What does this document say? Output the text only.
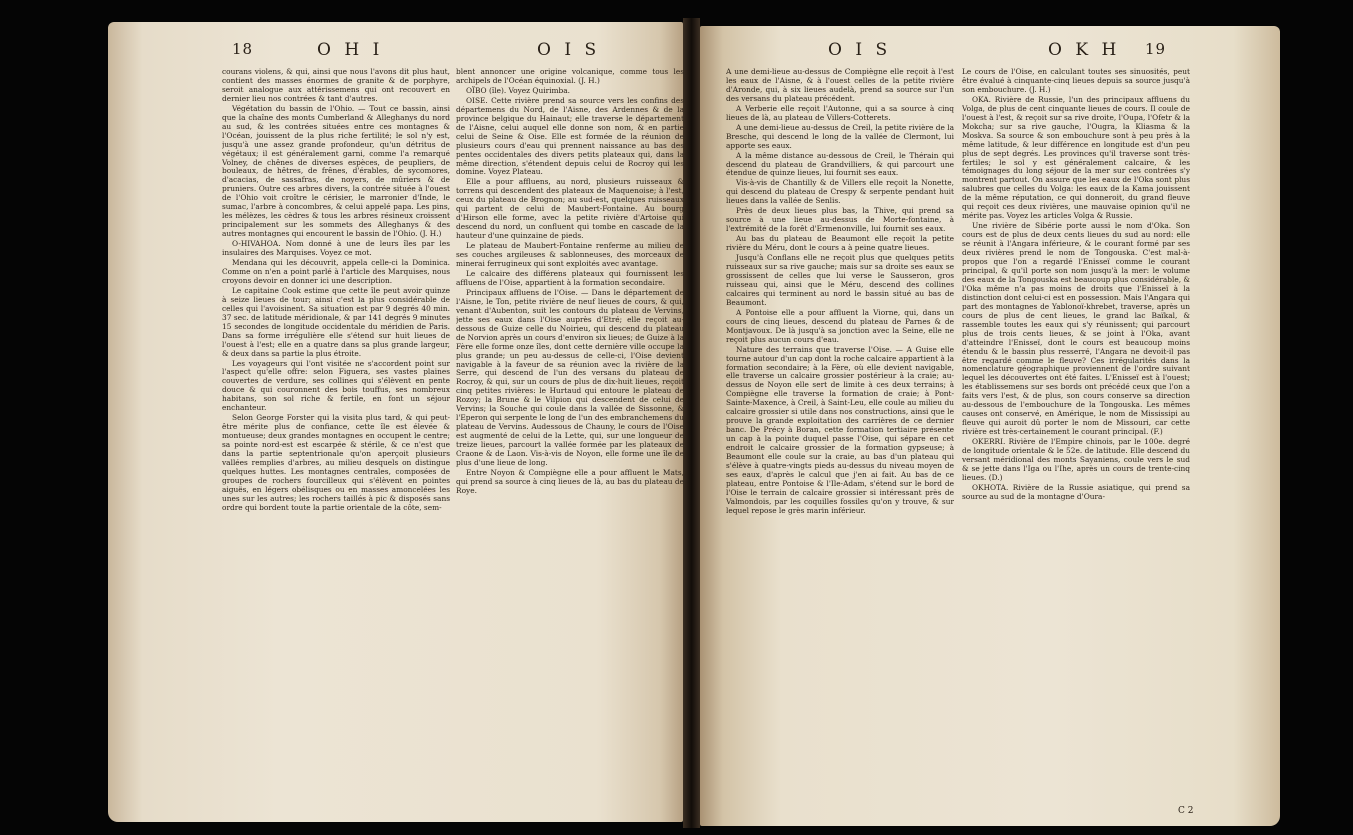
18	O H I	O I S	O I S	O K H 19

courans violens, & qui, ainsi que nous l'avons dit plus haut, contient des masses énormes de granite & de porphyre, seroit analogue aux attérissemens qui ont recouvert en dernier lieu nos contrées & tant d'autres.

Végétation du bassin de l'Ohio. — Tout ce bassin, ainsi que la chaîne des monts Cumberland & Alleghanys du nord au sud, & les contrées situées entre ces montagnes & l'Océan, jouissent de la plus riche fertilité; le sol n'y est, jusqu'à une assez grande profondeur, qu'un détritus de végétaux; il est généralement garni, comme l'a remarqué Volney, de chênes de diverses espèces, de peupliers, de bouleaux, de hêtres, de frênes, d'érables, de sycomores, d'acacias, de sassafras, de noyers, de mûriers & de pruniers. Outre ces arbres divers, la contrée située à l'ouest de l'Ohio voit croître le cérisier, le marronier d'Inde, le sumac, l'arbre à concombres, & celui appelé papa. Les pins, les mélèzes, les cèdres & tous les arbres résineux croissent principalement sur les sommets des Alleghanys & des autres montagnes qui encourent le bassin de l'Ohio. (J. H.)

O-HIVAHOA. Nom donné à une de leurs îles par les insulaires des Marquises. Voyez ce mot.

Mendana qui les découvrit, appela celle-ci la Dominica. Comme on n'en a point parlé à l'article des Marquises, nous croyons devoir en donner ici une description.

Le capitaine Cook estime que cette île peut avoir quinze à seize lieues de tour; ainsi c'est la plus considérable de celles qui l'avoisinent. Sa situation est par 9 degrés 40 min. 37 sec. de latitude méridionale, & par 141 degrés 9 minutes 15 secondes de longitude occidentale du méridien de Paris. Dans sa forme irrégulière elle s'étend sur huit lieues de l'ouest à l'est; elle en a quatre dans sa plus grande largeur, & deux dans sa partie la plus étroite.

Les voyageurs qui l'ont visitée ne s'accordent point sur l'aspect qu'elle offre: selon Figuera, ses vastes plaines couvertes de verdure, ses collines qui s'élèvent en pente douce & qui couronnent des bois touffus, ses nombreux habitans, son sol riche & fertile, en font un séjour enchanteur.

Selon George Forster qui la visita plus tard, & qui peut-être mérite plus de confiance, cette île est élevée & montueuse; deux grandes montagnes en occupent le centre; sa pointe nord-est est escarpée & stérile, & ce n'est que dans la partie septentrionale qu'on aperçoit plusieurs vallées remplies d'arbres, au milieu desquels on distingue quelques huttes. Les montagnes centrales, composées de groupes de rochers fourcilleux qui s'élèvent en pointes aiguës, en légers obélisques ou en masses amoncelées les unes sur les autres; les rochers taillés à pic & disposés sans ordre qui bordent toute la partie orientale de la côte, sem-

blent annoncer une origine volcanique, comme tous les archipels de l'Océan équinoxial. (J. H.)

OÏBO (île). Voyez Quirimba.

OISE. Cette rivière prend sa source vers les confins des départemens du Nord, de l'Aisne, des Ardennes & de la province belgique du Hainaut; elle traverse le département de l'Aisne, celui auquel elle donne son nom, & en partie celui de Seine & Oise. Elle est formée de la réunion de plusieurs cours d'eau qui prennent naissance au bas des pentes occidentales des divers petits plateaux qui, dans la même direction, s'étendent depuis celui de Rocroy qui les domine. Voyez Plateau.

Elle a pour affluens, au nord, plusieurs ruisseaux & torrens qui descendent des plateaux de Maquenoise; à l'est, ceux du plateau de Brognon; au sud-est, quelques ruisseaux qui partent de celui de Maubert-Fontaine. Au bourg d'Hirson elle forme, avec la petite rivière d'Artoise qui descend du nord, un confluent qui tombe en cascade de la hauteur d'une quinzaine de pieds.

Le plateau de Maubert-Fontaine renferme au milieu de ses couches argileuses & sablonneuses, des morceaux de minerai ferrugineux qui sont exploités avec avantage.

Le calcaire des différens plateaux qui fournissent les affluens de l'Oise, appartient à la formation secondaire.

Principaux affluens de l'Oise. — Dans le département de l'Aisne, le Ton, petite rivière de neuf lieues de cours, & qui, venant d'Aubenton, suit les contours du plateau de Vervins, jette ses eaux dans l'Oise auprès d'Etré; elle reçoit au-dessous de Guize celle du Noirieu, qui descend du plateau de Norvion après un cours d'environ six lieues; de Guize à la Fère elle forme onze îles, dont cette dernière ville occupe la plus grande; un peu au-dessus de celle-ci, l'Oise devient navigable à la faveur de sa réunion avec la rivière de la Serre, qui descend de l'un des versans du plateau de Rocroy, & qui, sur un cours de plus de dix-huit lieues, reçoit cinq petites rivières: le Hurtaud qui entoure le plateau de Rozoy; la Brune & le Vilpion qui descendent de celui de Vervins; la Souche qui coule dans la vallée de Sissonne, & l'Eperon qui serpente le long de l'un des embranchemens du plateau de Vervins. Audessous de Chauny, le cours de l'Oise est augmenté de celui de la Lette, qui, sur une longueur de treize lieues, parcourt la vallée formée par les plateaux de Craone & de Laon. Vis-à-vis de Noyon, elle forme une île de plus d'une lieue de long.

Entre Noyon & Compiègne elle a pour affluent le Mats, qui prend sa source à cinq lieues de là, au bas du plateau de Roye.

A une demi-lieue au-dessus de Compiègne elle reçoit à l'est les eaux de l'Aisne, & à l'ouest celles de la petite rivière d'Aronde, qui, à six lieues audelà, prend sa source sur l'un des versans du plateau précédent.

A Verberie elle reçoit l'Autonne, qui a sa source à cinq lieues de là, au plateau de Villers-Cotterets.

A une demi-lieue au-dessus de Creil, la petite rivière de la Bresche, qui descend le long de la vallée de Clermont, lui apporte ses eaux.

A la même distance au-dessous de Creil, le Thérain qui descend du plateau de Grandvilliers, & qui parcourt une étendue de quinze lieues, lui fournit ses eaux.

Vis-à-vis de Chantilly & de Villers elle reçoit la Nonette, qui descend du plateau de Crespy & serpente pendant huit lieues dans la vallée de Senlis.

Près de deux lieues plus bas, la Thive, qui prend sa source à une lieue au-dessus de Morte-fontaine, à l'extrémité de la forêt d'Ermenonville, lui fournit ses eaux.

Au bas du plateau de Beaumont elle reçoit la petite rivière du Méru, dont le cours a à peine quatre lieues.

Jusqu'à Conflans elle ne reçoit plus que quelques petits ruisseaux sur sa rive gauche; mais sur sa droite ses eaux se grossissent de celles que lui verse le Sausseron, gros ruisseau qui, ainsi que le Méru, descend des collines calcaires qui terminent au nord le bassin situé au bas de Beaumont.

A Pontoise elle a pour affluent la Viorne, qui, dans un cours de cinq lieues, descend du plateau de Parnes & de Montjavoux. De là jusqu'à sa jonction avec la Seine, elle ne reçoit plus aucun cours d'eau.

Nature des terrains que traverse l'Oise. — A Guise elle tourne autour d'un cap dont la roche calcaire appartient à la formation secondaire; à la Fère, où elle devient navigable, elle traverse un calcaire grossier postérieur à la craie; au-dessus de Noyon elle sert de limite à ces deux terrains; à Compiègne elle traverse la formation de craie; à Pont-Sainte-Maxence, à Creil, à Saint-Leu, elle coule au milieu du calcaire grossier si utile dans nos constructions, ainsi que le prouve la grande exploitation des carrières de ce dernier banc. De Précy à Boran, cette formation tertiaire présente un cap à la pointe duquel passe l'Oise, qui sépare en cet endroit le calcaire grossier de la formation gypseuse; à Beaumont elle coule sur la craie, au bas d'un plateau qui s'élève à quatre-vingts pieds au-dessus du niveau moyen de ses eaux, d'après le calcul que j'en ai fait. Au bas de ce plateau, entre Pontoise & l'Ile-Adam, s'étend sur le bord de l'Oise le terrain de calcaire grossier si intéressant près de Valmondois, par les coquilles fossiles qu'on y trouve, & sur lequel repose le grès marin inférieur.

Le cours de l'Oise, en calculant toutes ses sinuosités, peut être évalué à cinquante-cinq lieues depuis sa source jusqu'à son embouchure. (J. H.)

OKA. Rivière de Russie, l'un des principaux affluens du Volga, de plus de cent cinquante lieues de cours. Il coule de l'ouest à l'est, & reçoit sur sa rive droite, l'Oupa, l'Ofetr & la Mokcha; sur sa rive gauche, l'Ougra, la Kliasma & la Moskva. Sa source & son embouchure sont à peu près à la même latitude, & leur différence en longitude est d'un peu plus de sept degrés. Les provinces qu'il traverse sont très-fertiles; le sol y est généralement calcaire, & les témoignages du long séjour de la mer sur ces contrées s'y montrent partout. On assure que les eaux de l'Oka sont plus salubres que celles du Volga: les eaux de la Kama jouissent de la même réputation, ce qui donneroit, du grand fleuve qui reçoit ces deux rivières, une mauvaise opinion qu'il ne mérite pas. Voyez les articles Volga & Russie.

Une rivière de Sibérie porte aussi le nom d'Oka. Son cours est de plus de deux cents lieues du sud au nord: elle se réunit à l'Angara inférieure, & le courant formé par ses deux rivières prend le nom de Tongouska. C'est mal-à-propos que l'on a regardé l'Enisseï comme le courant principal, & qu'il porte son nom jusqu'à la mer: le volume des eaux de la Tongouska est beaucoup plus considérable, & l'Oka même n'a pas moins de droits que l'Enisseï à la distinction dont celui-ci est en possession. Mais l'Angara qui part des montagnes de Yablonoï-khrebet, traverse, après un cours de plus de cent lieues, le grand lac Baïkal, & rassemble toutes les eaux qui s'y réunissent; qui parcourt plus de trois cents lieues, & se joint à l'Oka, avant d'atteindre l'Enisseï, dont le cours est beaucoup moins étendu & le bassin plus resserré, l'Angara ne devoit-il pas être regardé comme le fleuve? Ces irrégularités dans la nomenclature géographique proviennent de l'ordre suivant lequel les découvertes ont été faites. L'Enisseï est à l'ouest; les établissemens sur ses bords ont précédé ceux que l'on a faits vers l'est, & de plus, son cours conserve sa direction au-dessous de l'embouchure de la Tongouska. Les mêmes causes ont conservé, en Amérique, le nom de Mississipi au fleuve qui auroit dû porter le nom de Missouri, car cette rivière est très-certainement le courant principal. (F.)

OKERRI. Rivière de l'Empire chinois, par le 100e. degré de longitude orientale & le 52e. de latitude. Elle descend du versant méridional des monts Sayaniens, coule vers le sud & se jette dans l'Iga ou l'Ihe, après un cours de trente-cinq lieues. (D.)

OKHOTA. Rivière de la Russie asiatique, qui prend sa source au sud de la montagne d'Oura-

C 2
